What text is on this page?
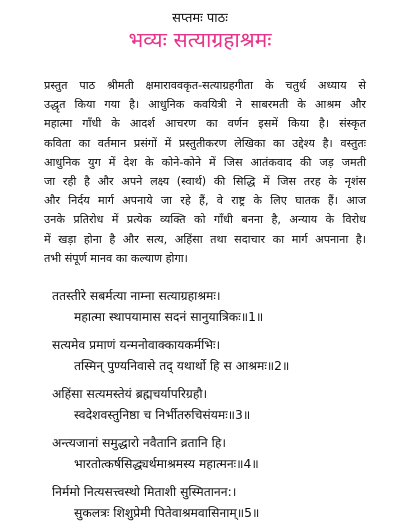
सप्तमः पाठः
भव्यः सत्याग्रहाश्रमः

प्रस्तुत पाठ श्रीमती क्षमाराववकृत-सत्याग्रहगीता के चतुर्थ अध्याय से
उद्धृत किया गया है। आधुनिक कवयित्री ने साबरमती के आश्रम और
महात्मा गाँधी के आदर्श आचरण का वर्णन इसमें किया है। संस्कृत
कविता का वर्तमान प्रसंगों में प्रस्तुतीकरण लेखिका का उद्देश्य है। वस्तुतः
आधुनिक युग में देश के कोने-कोने में जिस आतंकवाद की जड़ जमती
जा रही है और अपने लक्ष्य (स्वार्थ) की सिद्धि में जिस तरह के नृशंस
और निर्दय मार्ग अपनाये जा रहे हैं, वे राष्ट्र के लिए घातक हैं। आज
उनके प्रतिरोध में प्रत्येक व्यक्ति को गाँधी बनना है, अन्याय के विरोध
में खड़ा होना है और सत्य, अहिंसा तथा सदाचार का मार्ग अपनाना है।
तभी संपूर्ण मानव का कल्याण होगा।

ततस्तीरे सबर्मत्या नाम्ना सत्याग्रहाश्रमः।
महात्मा स्थापयामास सदनं सानुयात्रिकः॥1॥
सत्यमेव प्रमाणं यन्मनोवाक्कायकर्मभिः।
तस्मिन् पुण्यनिवासे तद् यथार्थो हि स आश्रमः॥2॥
अहिंसा सत्यमस्तेयं ब्रह्मचर्यापरिग्रहौ।
स्वदेशवस्तुनिष्ठा च निर्भीतरुचिसंयमः॥3॥
अन्त्यजानां समुद्धारो नवैतानि व्रतानि हि।
भारतोत्कर्षसिद्ध्यर्थमाश्रमस्य महात्मनः॥4॥
निर्ममो नित्यसत्त्वस्थो मिताशी सुस्मितानन:।
सुकलत्रः शिशुप्रेमी पितेवाश्रमवासिनाम्॥5॥
